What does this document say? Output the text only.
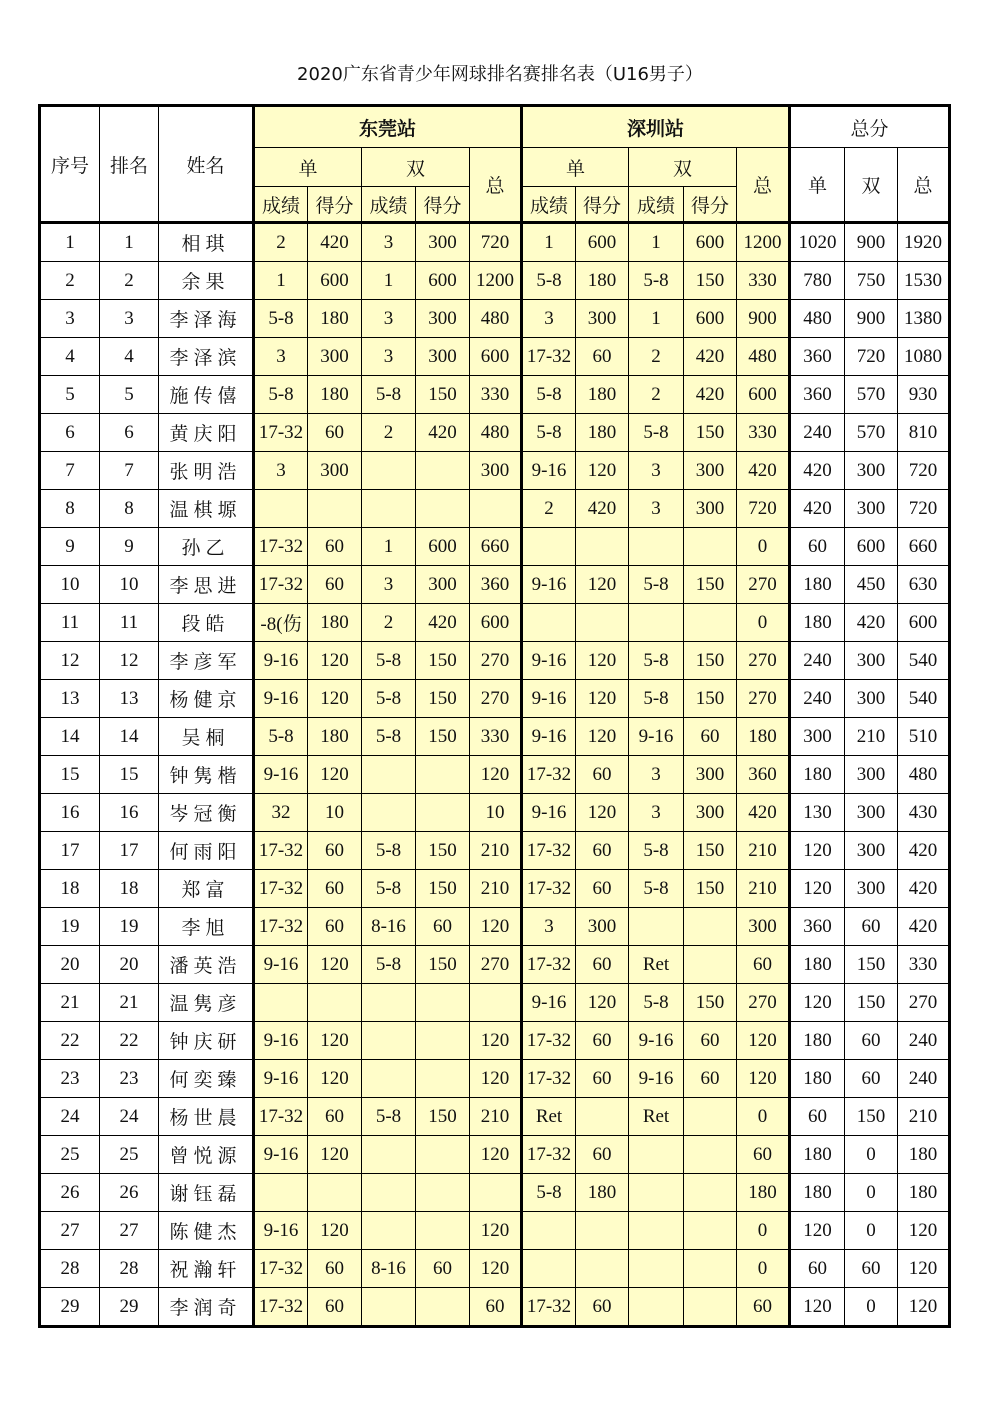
2020广东省青少年网球排名赛排名表（U16男子）
序号	排名	姓名	东莞站					深圳站					总分		
			单		双		总	单		双		总	单	双	总
			成绩	得分	成绩	得分		成绩	得分	成绩	得分				
1	1	相琪	2	420	3	300	720	1	600	1	600	1200	1020	900	1920
2	2	余果	1	600	1	600	1200	5-8	180	5-8	150	330	780	750	1530
3	3	李泽海	5-8	180	3	300	480	3	300	1	600	900	480	900	1380
4	4	李泽滨	3	300	3	300	600	17-32	60	2	420	480	360	720	1080
5	5	施传僖	5-8	180	5-8	150	330	5-8	180	2	420	600	360	570	930
6	6	黄庆阳	17-32	60	2	420	480	5-8	180	5-8	150	330	240	570	810
7	7	张明浩	3	300			300	9-16	120	3	300	420	420	300	720
8	8	温棋塬						2	420	3	300	720	420	300	720
9	9	孙乙	17-32	60	1	600	660					0	60	600	660
10	10	李思进	17-32	60	3	300	360	9-16	120	5-8	150	270	180	450	630
11	11	段皓	-8(伤	180	2	420	600					0	180	420	600
12	12	李彦军	9-16	120	5-8	150	270	9-16	120	5-8	150	270	240	300	540
13	13	杨健京	9-16	120	5-8	150	270	9-16	120	5-8	150	270	240	300	540
14	14	吴桐	5-8	180	5-8	150	330	9-16	120	9-16	60	180	300	210	510
15	15	钟隽楷	9-16	120			120	17-32	60	3	300	360	180	300	480
16	16	岑冠衡	32	10			10	9-16	120	3	300	420	130	300	430
17	17	何雨阳	17-32	60	5-8	150	210	17-32	60	5-8	150	210	120	300	420
18	18	郑富	17-32	60	5-8	150	210	17-32	60	5-8	150	210	120	300	420
19	19	李旭	17-32	60	8-16	60	120	3	300			300	360	60	420
20	20	潘英浩	9-16	120	5-8	150	270	17-32	60	Ret		60	180	150	330
21	21	温隽彦						9-16	120	5-8	150	270	120	150	270
22	22	钟庆研	9-16	120			120	17-32	60	9-16	60	120	180	60	240
23	23	何奕臻	9-16	120			120	17-32	60	9-16	60	120	180	60	240
24	24	杨世晨	17-32	60	5-8	150	210	Ret		Ret		0	60	150	210
25	25	曾悦源	9-16	120			120	17-32	60			60	180	0	180
26	26	谢钰磊						5-8	180			180	180	0	180
27	27	陈健杰	9-16	120			120					0	120	0	120
28	28	祝瀚轩	17-32	60	8-16	60	120					0	60	60	120
29	29	李润奇	17-32	60			60	17-32	60			60	120	0	120
